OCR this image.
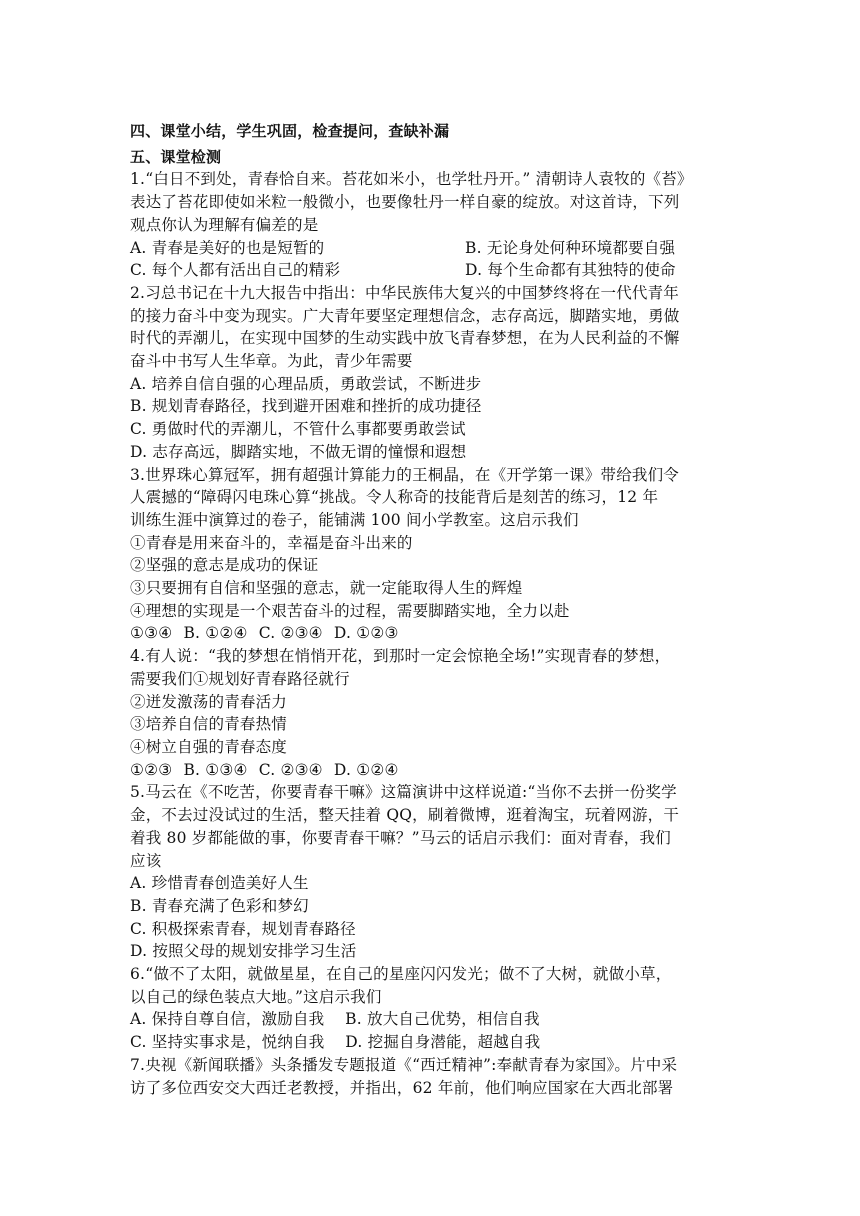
四、课堂小结，学生巩固，检查提问，查缺补漏
五、课堂检测
1.“白日不到处，青春恰自来。苔花如米小，也学牡丹开。” 清朝诗人袁牧的《苔》
表达了苔花即使如米粒一般微小，也要像牡丹一样自豪的绽放。对这首诗，下列
观点你认为理解有偏差的是
A. 青春是美好的也是短暂的	B. 无论身处何种环境都要自强
C. 每个人都有活出自己的精彩	D. 每个生命都有其独特的使命
2.习总书记在十九大报告中指出：中华民族伟大复兴的中国梦终将在一代代青年
的接力奋斗中变为现实。广大青年要坚定理想信念，志存高远，脚踏实地，勇做
时代的弄潮儿，在实现中国梦的生动实践中放飞青春梦想，在为人民利益的不懈
奋斗中书写人生华章。为此，青少年需要
A. 培养自信自强的心理品质，勇敢尝试，不断进步
B. 规划青春路径，找到避开困难和挫折的成功捷径
C. 勇做时代的弄潮儿，不管什么事都要勇敢尝试
D. 志存高远，脚踏实地，不做无谓的憧憬和遐想
3.世界珠心算冠军，拥有超强计算能力的王桐晶，在《开学第一课》带给我们令
人震撼的“障碍闪电珠心算“挑战。令人称奇的技能背后是刻苦的练习，12 年
训练生涯中演算过的卷子，能铺满 100 间小学教室。这启示我们
①青春是用来奋斗的，幸福是奋斗出来的
②坚强的意志是成功的保证
③只要拥有自信和坚强的意志，就一定能取得人生的辉煌
④理想的实现是一个艰苦奋斗的过程，需要脚踏实地，全力以赴
①③④ B. ①②④ C. ②③④ D. ①②③
4.有人说：“我的梦想在悄悄开花，到那时一定会惊艳全场!”实现青春的梦想，
需要我们①规划好青春路径就行
②迸发激荡的青春活力
③培养自信的青春热情
④树立自强的青春态度
①②③ B. ①③④ C. ②③④ D. ①②④
5.马云在《不吃苦，你要青春干嘛》这篇演讲中这样说道:“当你不去拼一份奖学
金，不去过没试过的生活，整天挂着 QQ，刷着微博，逛着淘宝，玩着网游，干
着我 80 岁都能做的事，你要青春干嘛？”马云的话启示我们：面对青春，我们
应该
A. 珍惜青春创造美好人生
B. 青春充满了色彩和梦幻
C. 积极探索青春，规划青春路径
D. 按照父母的规划安排学习生活
6.“做不了太阳，就做星星，在自己的星座闪闪发光；做不了大树，就做小草，
以自己的绿色装点大地。”这启示我们
A. 保持自尊自信，激励自我　 B. 放大自己优势，相信自我
C. 坚持实事求是，悦纳自我　 D. 挖掘自身潜能，超越自我
7.央视《新闻联播》头条播发专题报道《“西迁精神”:奉献青春为家国》。片中采
访了多位西安交大西迁老教授，并指出，62 年前，他们响应国家在大西北部署
